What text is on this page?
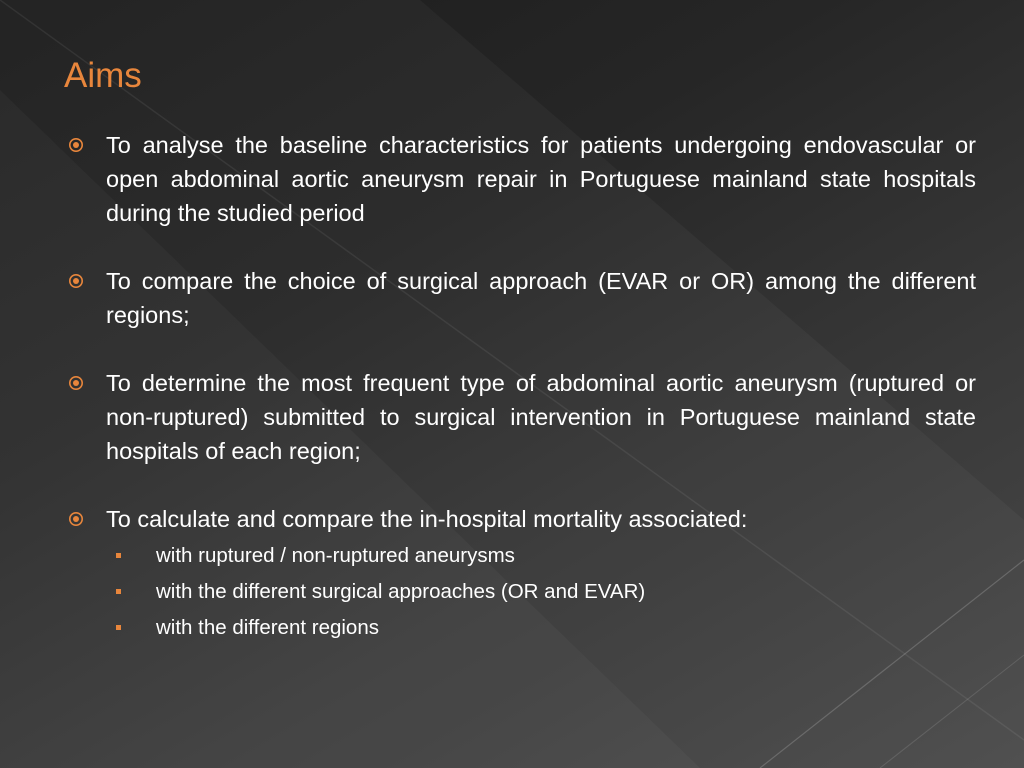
Aims
To analyse the baseline characteristics for patients undergoing endovascular or open abdominal aortic aneurysm repair in Portuguese mainland state hospitals during the studied period
To compare the choice of surgical approach (EVAR or OR) among the different regions;
To determine the most frequent type of abdominal aortic aneurysm (ruptured or non-ruptured) submitted to surgical intervention in Portuguese mainland state hospitals of each region;
To calculate and compare the in-hospital mortality associated:
with ruptured / non-ruptured aneurysms
with the different surgical approaches (OR and EVAR)
with the different regions
